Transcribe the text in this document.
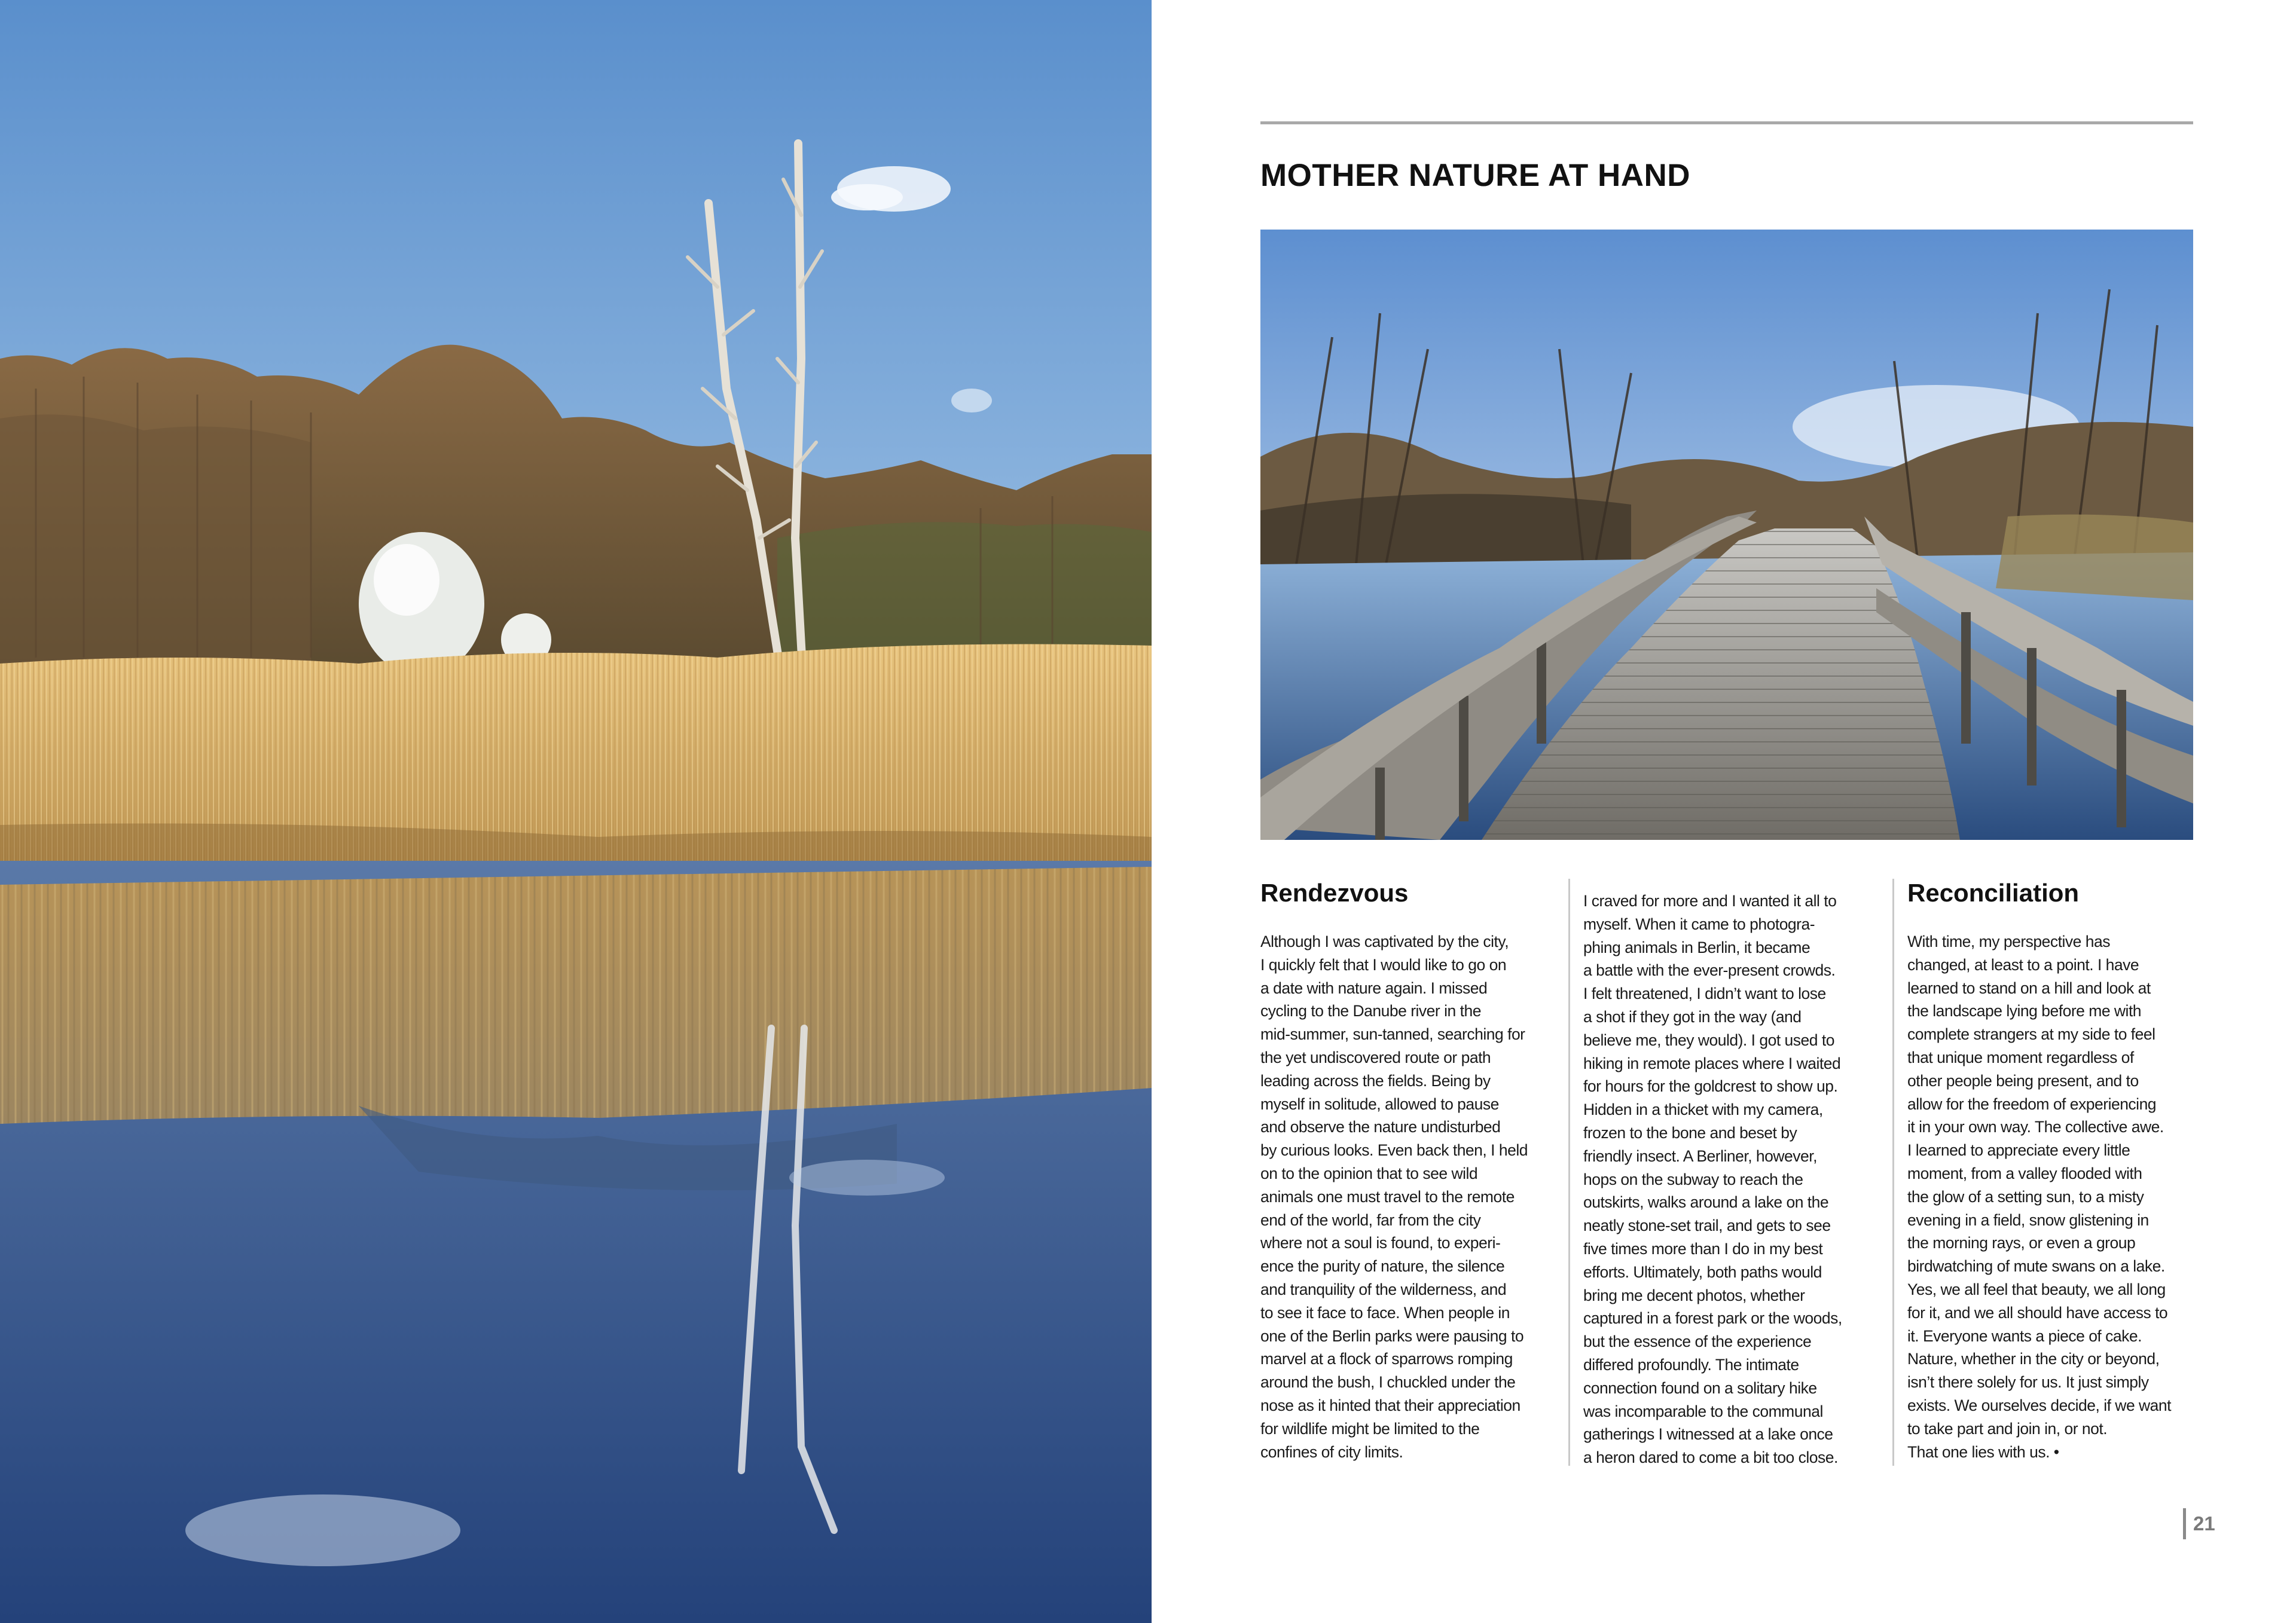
MOTHER NATURE AT HAND
Rendezvous

Although I was captivated by the city,
I quickly felt that I would like to go on
a date with nature again. I missed
cycling to the Danube river in the
mid-summer, sun-tanned, searching for
the yet undiscovered route or path
leading across the fields. Being by
myself in solitude, allowed to pause
and observe the nature undisturbed
by curious looks. Even back then, I held
on to the opinion that to see wild
animals one must travel to the remote
end of the world, far from the city
where not a soul is found, to experi-
ence the purity of nature, the silence
and tranquility of the wilderness, and
to see it face to face. When people in
one of the Berlin parks were pausing to
marvel at a flock of sparrows romping
around the bush, I chuckled under the
nose as it hinted that their appreciation
for wildlife might be limited to the
confines of city limits.

I craved for more and I wanted it all to
myself. When it came to photogra-
phing animals in Berlin, it became
a battle with the ever-present crowds.
I felt threatened, I didn’t want to lose
a shot if they got in the way (and
believe me, they would). I got used to
hiking in remote places where I waited
for hours for the goldcrest to show up.
Hidden in a thicket with my camera,
frozen to the bone and beset by
friendly insect. A Berliner, however,
hops on the subway to reach the
outskirts, walks around a lake on the
neatly stone-set trail, and gets to see
five times more than I do in my best
efforts. Ultimately, both paths would
bring me decent photos, whether
captured in a forest park or the woods,
but the essence of the experience
differed profoundly. The intimate
connection found on a solitary hike
was incomparable to the communal
gatherings I witnessed at a lake once
a heron dared to come a bit too close.

Reconciliation

With time, my perspective has
changed, at least to a point. I have
learned to stand on a hill and look at
the landscape lying before me with
complete strangers at my side to feel
that unique moment regardless of
other people being present, and to
allow for the freedom of experiencing
it in your own way. The collective awe.
I learned to appreciate every little
moment, from a valley flooded with
the glow of a setting sun, to a misty
evening in a field, snow glistening in
the morning rays, or even a group
birdwatching of mute swans on a lake.
Yes, we all feel that beauty, we all long
for it, and we all should have access to
it. Everyone wants a piece of cake.
Nature, whether in the city or beyond,
isn’t there solely for us. It just simply
exists. We ourselves decide, if we want
to take part and join in, or not.
That one lies with us. •

21
